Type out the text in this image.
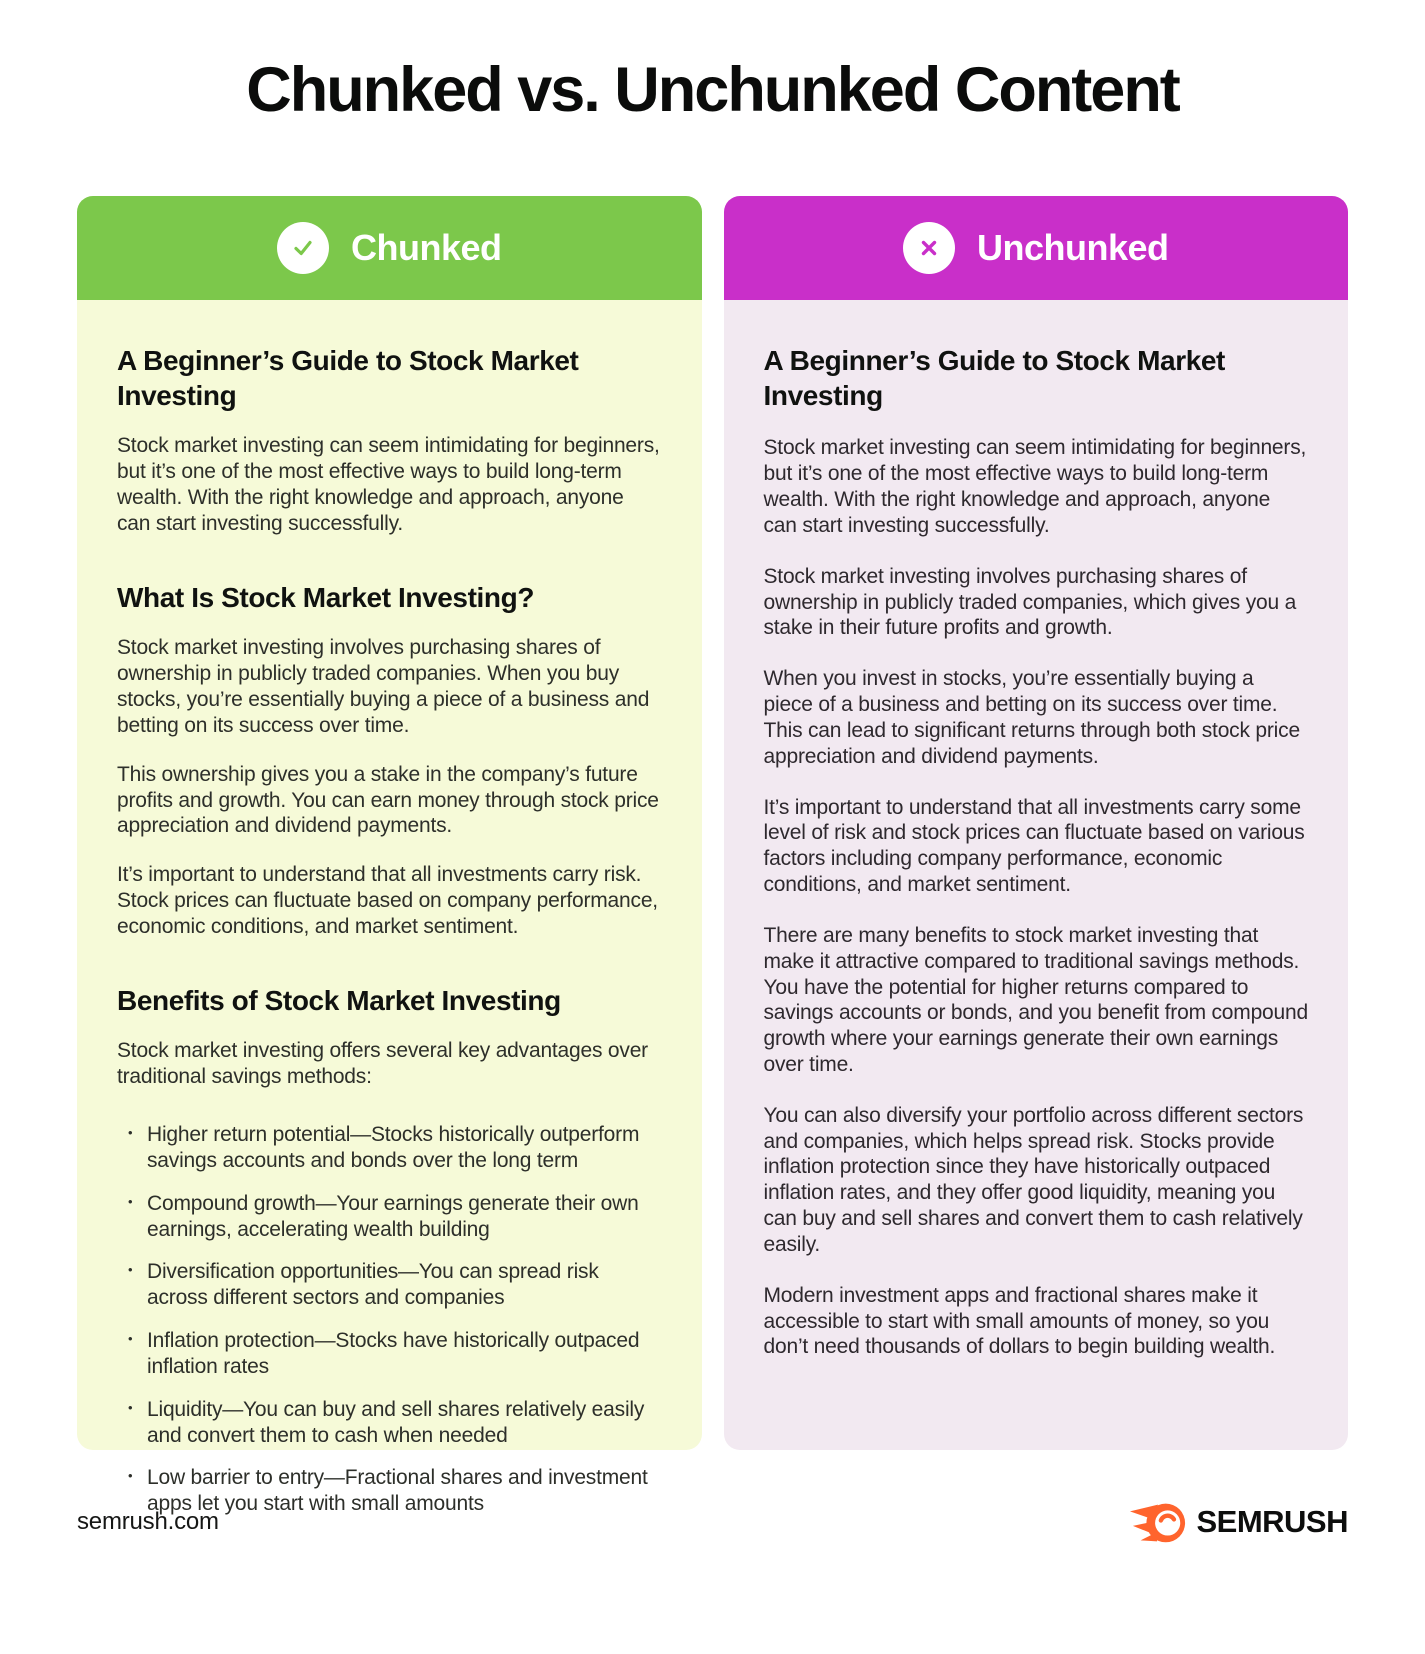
Chunked vs. Unchunked Content
Chunked
A Beginner’s Guide to Stock Market Investing

Stock market investing can seem intimidating for beginners, but it’s one of the most effective ways to build long-term wealth. With the right knowledge and approach, anyone can start investing successfully.

What Is Stock Market Investing?

Stock market investing involves purchasing shares of ownership in publicly traded companies. When you buy stocks, you’re essentially buying a piece of a business and betting on its success over time.

This ownership gives you a stake in the company’s future profits and growth. You can earn money through stock price appreciation and dividend payments.

It’s important to understand that all investments carry risk. Stock prices can fluctuate based on company performance, economic conditions, and market sentiment.

Benefits of Stock Market Investing

Stock market investing offers several key advantages over traditional savings methods:

• Higher return potential—Stocks historically outperform savings accounts and bonds over the long term
• Compound growth—Your earnings generate their own earnings, accelerating wealth building
• Diversification opportunities—You can spread risk across different sectors and companies
• Inflation protection—Stocks have historically outpaced inflation rates
• Liquidity—You can buy and sell shares relatively easily and convert them to cash when needed
• Low barrier to entry—Fractional shares and investment apps let you start with small amounts
Unchunked
A Beginner’s Guide to Stock Market Investing

Stock market investing can seem intimidating for beginners, but it’s one of the most effective ways to build long-term wealth. With the right knowledge and approach, anyone can start investing successfully.

Stock market investing involves purchasing shares of ownership in publicly traded companies, which gives you a stake in their future profits and growth.

When you invest in stocks, you’re essentially buying a piece of a business and betting on its success over time. This can lead to significant returns through both stock price appreciation and dividend payments.

It’s important to understand that all investments carry some level of risk and stock prices can fluctuate based on various factors including company performance, economic conditions, and market sentiment.

There are many benefits to stock market investing that make it attractive compared to traditional savings methods. You have the potential for higher returns compared to savings accounts or bonds, and you benefit from compound growth where your earnings generate their own earnings over time.

You can also diversify your portfolio across different sectors and companies, which helps spread risk. Stocks provide inflation protection since they have historically outpaced inflation rates, and they offer good liquidity, meaning you can buy and sell shares and convert them to cash relatively easily.

Modern investment apps and fractional shares make it accessible to start with small amounts of money, so you don’t need thousands of dollars to begin building wealth.

semrush.com	SEMRUSH
